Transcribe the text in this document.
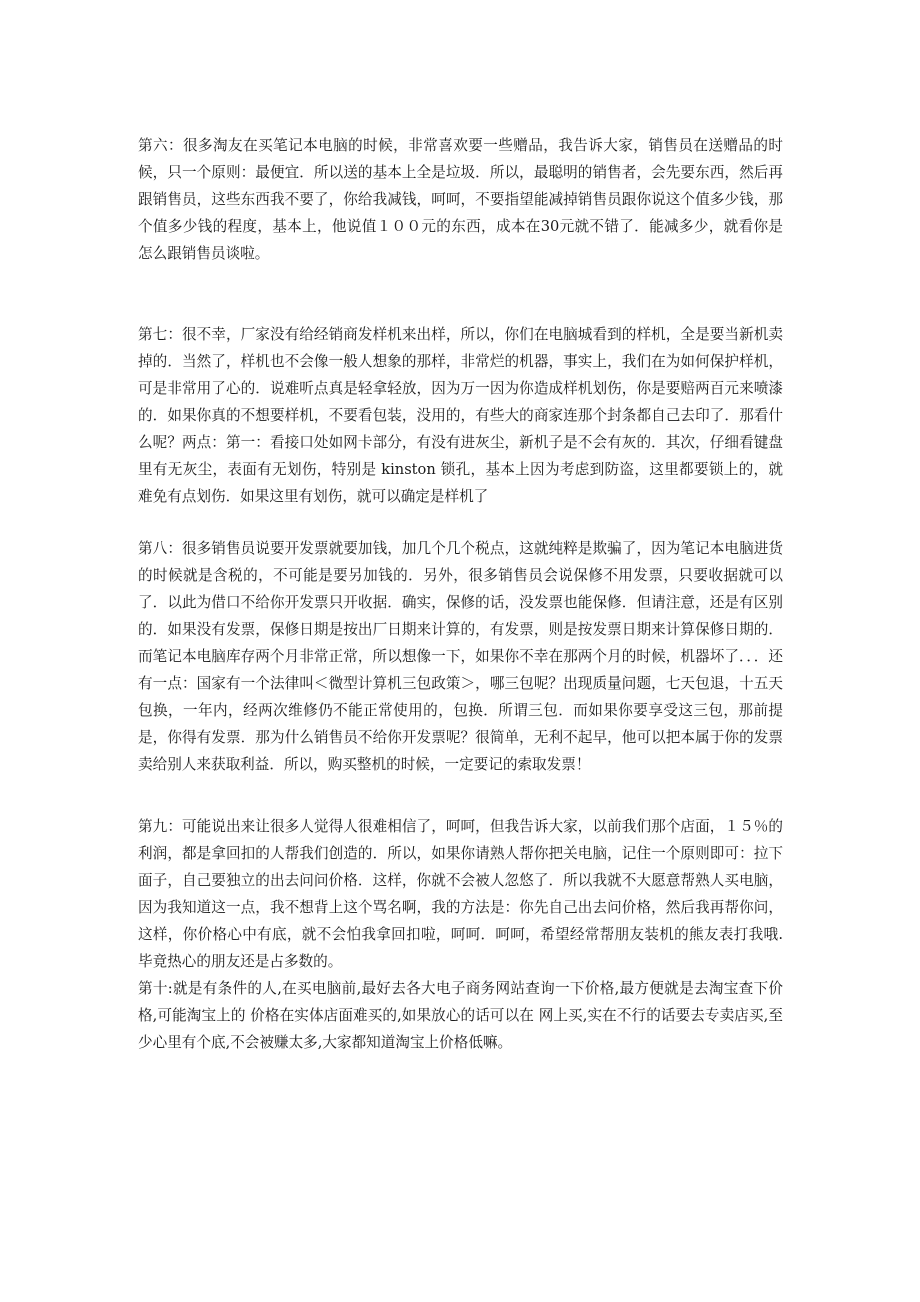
第六：很多淘友在买笔记本电脑的时候，非常喜欢要一些赠品，我告诉大家，销售员在送赠品的时候，只一个原则：最便宜．所以送的基本上全是垃圾．所以，最聪明的销售者，会先要东西，然后再跟销售员，这些东西我不要了，你给我减钱，呵呵，不要指望能减掉销售员跟你说这个值多少钱，那个值多少钱的程度，基本上，他说值１００元的东西，成本在30元就不错了．能减多少，就看你是怎么跟销售员谈啦。

第七：很不幸，厂家没有给经销商发样机来出样，所以，你们在电脑城看到的样机，全是要当新机卖掉的．当然了，样机也不会像一般人想象的那样，非常烂的机器，事实上，我们在为如何保护样机，可是非常用了心的．说难听点真是轻拿轻放，因为万一因为你造成样机划伤，你是要赔两百元来喷漆的．如果你真的不想要样机，不要看包装，没用的，有些大的商家连那个封条都自己去印了．那看什么呢？两点：第一：看接口处如网卡部分，有没有进灰尘，新机子是不会有灰的．其次，仔细看键盘里有无灰尘，表面有无划伤，特别是 kinston 锁孔，基本上因为考虑到防盗，这里都要锁上的，就难免有点划伤．如果这里有划伤，就可以确定是样机了

第八：很多销售员说要开发票就要加钱，加几个几个税点，这就纯粹是欺骗了，因为笔记本电脑进货的时候就是含税的，不可能是要另加钱的．另外，很多销售员会说保修不用发票，只要收据就可以了．以此为借口不给你开发票只开收据．确实，保修的话，没发票也能保修．但请注意，还是有区别的．如果没有发票，保修日期是按出厂日期来计算的，有发票，则是按发票日期来计算保修日期的．而笔记本电脑库存两个月非常正常，所以想像一下，如果你不幸在那两个月的时候，机器坏了．．．还有一点：国家有一个法律叫＜微型计算机三包政策＞，哪三包呢？出现质量问题，七天包退，十五天包换，一年内，经两次维修仍不能正常使用的，包换．所谓三包．而如果你要享受这三包，那前提是，你得有发票．那为什么销售员不给你开发票呢？很简单，无利不起早，他可以把本属于你的发票卖给别人来获取利益．所以，购买整机的时候，一定要记的索取发票！

第九：可能说出来让很多人觉得人很难相信了，呵呵，但我告诉大家，以前我们那个店面，１５％的利润，都是拿回扣的人帮我们创造的．所以，如果你请熟人帮你把关电脑，记住一个原则即可：拉下面子，自己要独立的出去问问价格．这样，你就不会被人忽悠了．所以我就不大愿意帮熟人买电脑，因为我知道这一点，我不想背上这个骂名啊，我的方法是：你先自己出去问价格，然后我再帮你问，这样，你价格心中有底，就不会怕我拿回扣啦，呵呵．呵呵，希望经常帮朋友装机的熊友表打我哦.毕竟热心的朋友还是占多数的。

第十:就是有条件的人,在买电脑前,最好去各大电子商务网站查询一下价格,最方便就是去淘宝查下价格,可能淘宝上的 价格在实体店面难买的,如果放心的话可以在 网上买,实在不行的话要去专卖店买,至少心里有个底,不会被赚太多,大家都知道淘宝上价格低嘛。
